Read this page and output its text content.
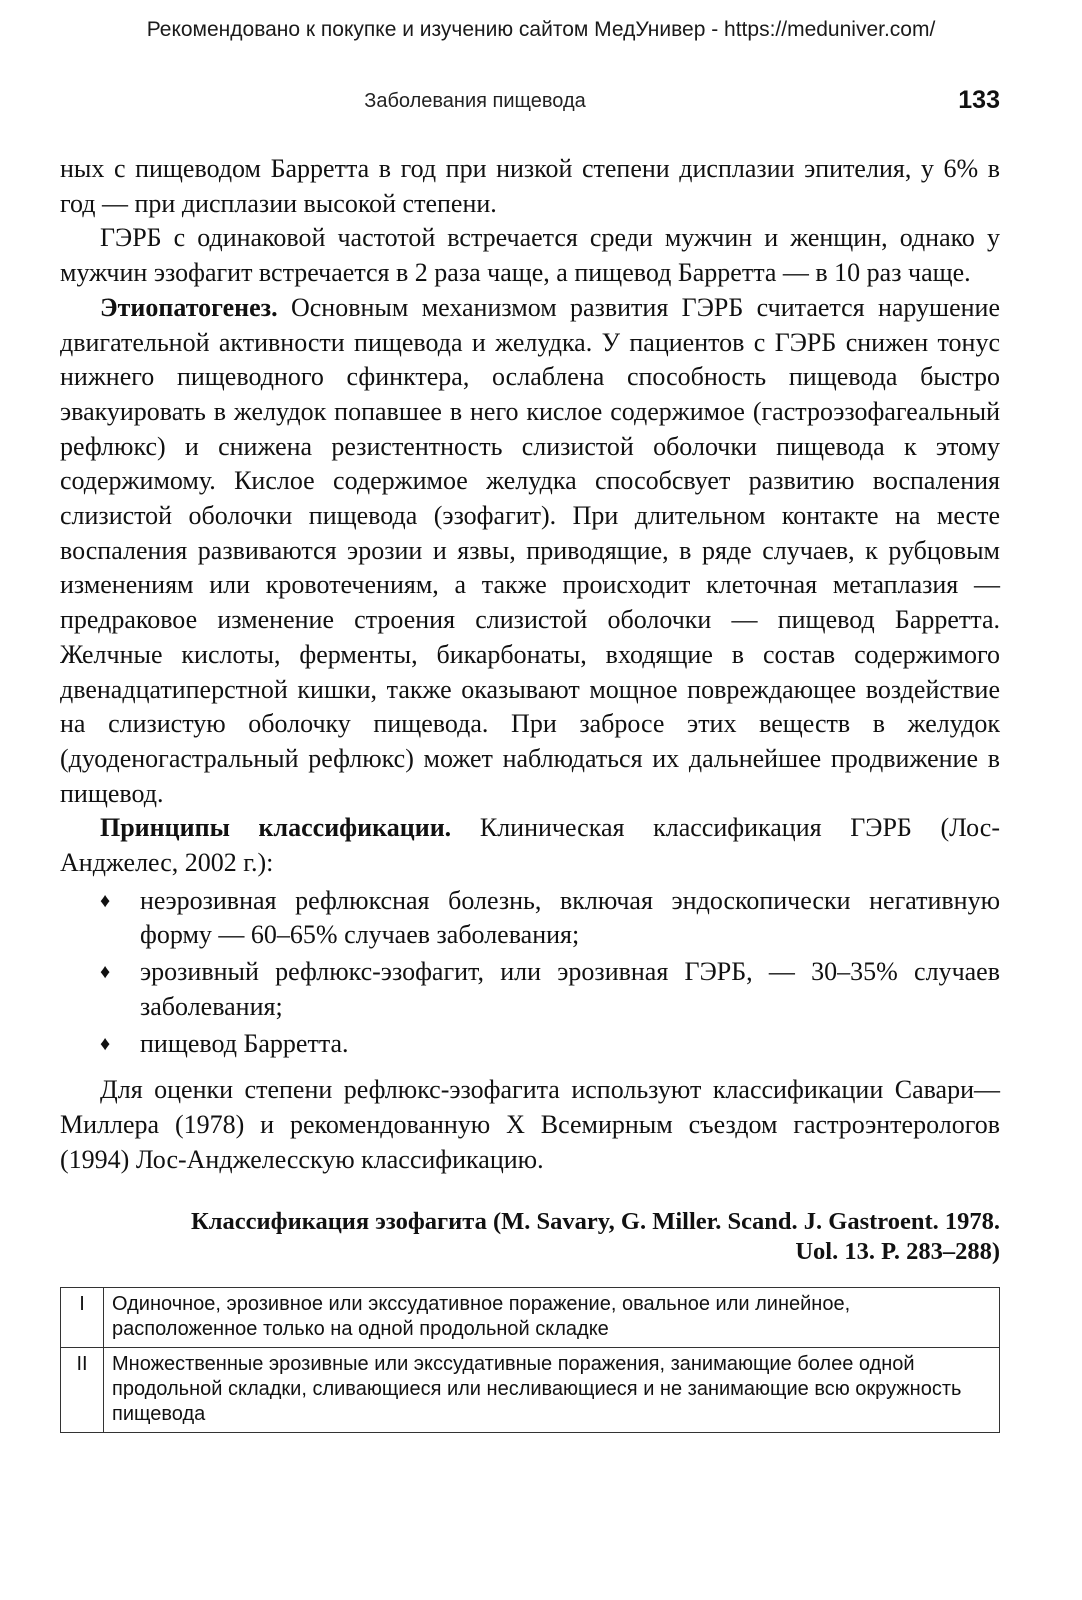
Рекомендовано к покупке и изучению сайтом МедУнивер - https://meduniver.com/
Заболевания пищевода	133

ных с пищеводом Барретта в год при низкой степени дисплазии эпителия, у 6% в год — при дисплазии высокой степени.

ГЭРБ с одинаковой частотой встречается среди мужчин и женщин, однако у мужчин эзофагит встречается в 2 раза чаще, а пищевод Барретта — в 10 раз чаще.

Этиопатогенез. Основным механизмом развития ГЭРБ считается нарушение двигательной активности пищевода и желудка. У пациентов с ГЭРБ снижен тонус нижнего пищеводного сфинктера, ослаблена способность пищевода быстро эвакуировать в желудок попавшее в него кислое содержимое (гастроэзофагеальный рефлюкс) и снижена резистентность слизистой оболочки пищевода к этому содержимому. Кислое содержимое желудка способсвует развитию воспаления слизистой оболочки пищевода (эзофагит). При длительном контакте на месте воспаления развиваются эрозии и язвы, приводящие, в ряде случаев, к рубцовым изменениям или кровотечениям, а также происходит клеточная метаплазия — предраковое изменение строения слизистой оболочки — пищевод Барретта. Желчные кислоты, ферменты, бикарбонаты, входящие в состав содержимого двенадцатиперстной кишки, также оказывают мощное повреждающее воздействие на слизистую оболочку пищевода. При забросе этих веществ в желудок (дуоденогастральный рефлюкс) может наблюдаться их дальнейшее продвижение в пищевод.

Принципы классификации. Клиническая классификация ГЭРБ (Лос-Анджелес, 2002 г.):

♦ неэрозивная рефлюксная болезнь, включая эндоскопически негативную форму — 60–65% случаев заболевания;
♦ эрозивный рефлюкс-эзофагит, или эрозивная ГЭРБ, — 30–35% случаев заболевания;
♦ пищевод Барретта.

Для оценки степени рефлюкс-эзофагита используют классификации Савари—Миллера (1978) и рекомендованную X Всемирным съездом гастроэнтерологов (1994) Лос-Анджелесскую классификацию.

Классификация эзофагита (M. Savary, G. Miller. Scand. J. Gastroent. 1978.
Uol. 13. P. 283–288)
I	Одиночное, эрозивное или экссудативное поражение, овальное или линейное, расположенное только на одной продольной складке
II	Множественные эрозивные или экссудативные поражения, занимающие более одной продольной складки, сливающиеся или несливающиеся и не занимающие всю окружность пищевода
